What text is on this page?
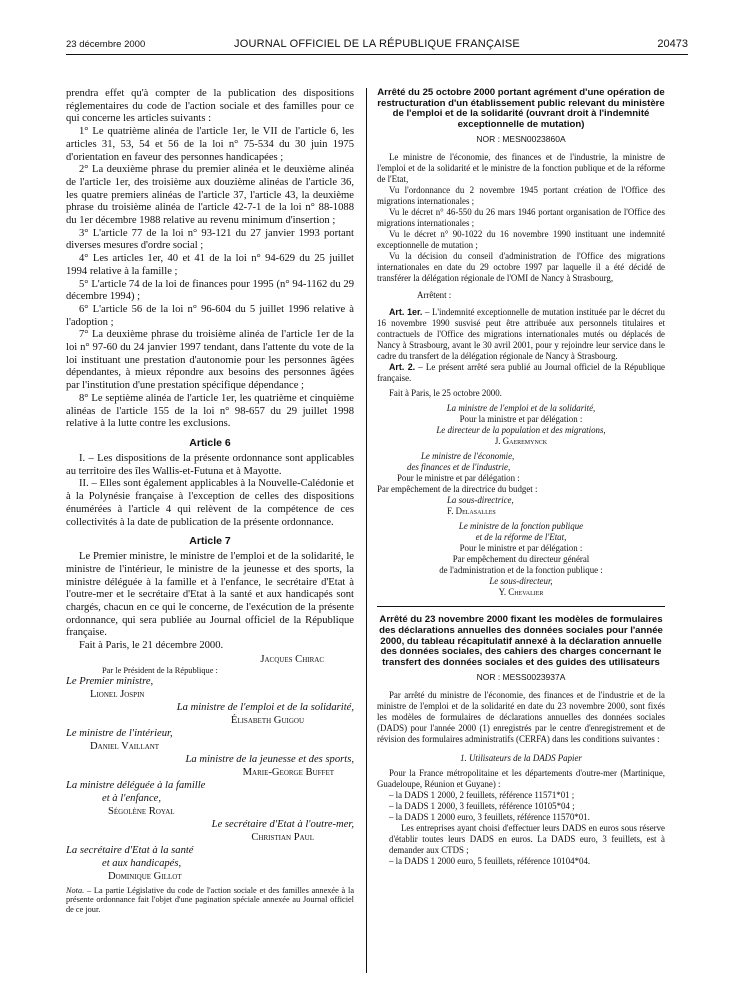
23 décembre 2000	JOURNAL OFFICIEL DE LA RÉPUBLIQUE FRANÇAISE	20473

prendra effet qu'à compter de la publication des dispositions réglementaires du code de l'action sociale et des familles pour ce qui concerne les articles suivants :

1° Le quatrième alinéa de l'article 1er, le VII de l'article 6, les articles 31, 53, 54 et 56 de la loi n° 75-534 du 30 juin 1975 d'orientation en faveur des personnes handicapées ;

2° La deuxième phrase du premier alinéa et le deuxième alinéa de l'article 1er, des troisième aux douzième alinéas de l'article 36, les quatre premiers alinéas de l'article 37, l'article 43, la deuxième phrase du troisième alinéa de l'article 42-7-1 de la loi n° 88-1088 du 1er décembre 1988 relative au revenu minimum d'insertion ;

3° L'article 77 de la loi n° 93-121 du 27 janvier 1993 portant diverses mesures d'ordre social ;

4° Les articles 1er, 40 et 41 de la loi n° 94-629 du 25 juillet 1994 relative à la famille ;

5° L'article 74 de la loi de finances pour 1995 (n° 94-1162 du 29 décembre 1994) ;

6° L'article 56 de la loi n° 96-604 du 5 juillet 1996 relative à l'adoption ;

7° La deuxième phrase du troisième alinéa de l'article 1er de la loi n° 97-60 du 24 janvier 1997 tendant, dans l'attente du vote de la loi instituant une prestation d'autonomie pour les personnes âgées dépendantes, à mieux répondre aux besoins des personnes âgées par l'institution d'une prestation spécifique dépendance ;

8° Le septième alinéa de l'article 1er, les quatrième et cinquième alinéas de l'article 155 de la loi n° 98-657 du 29 juillet 1998 relative à la lutte contre les exclusions.

Article 6

I. – Les dispositions de la présente ordonnance sont applicables au territoire des îles Wallis-et-Futuna et à Mayotte.

II. – Elles sont également applicables à la Nouvelle-Calédonie et à la Polynésie française à l'exception de celles des dispositions énumérées à l'article 4 qui relèvent de la compétence de ces collectivités à la date de publication de la présente ordonnance.

Article 7

Le Premier ministre, le ministre de l'emploi et de la solidarité, le ministre de l'intérieur, le ministre de la jeunesse et des sports, la ministre déléguée à la famille et à l'enfance, le secrétaire d'Etat à l'outre-mer et le secrétaire d'Etat à la santé et aux handicapés sont chargés, chacun en ce qui le concerne, de l'exécution de la présente ordonnance, qui sera publiée au Journal officiel de la République française.

Fait à Paris, le 21 décembre 2000.

Jacques Chirac

Par le Président de la République :

Le Premier ministre,

Lionel Jospin

La ministre de l'emploi et de la solidarité,

Élisabeth Guigou

Le ministre de l'intérieur,

Daniel Vaillant

La ministre de la jeunesse et des sports,

Marie-George Buffet

La ministre déléguée à la famille

et à l'enfance,

Ségolène Royal

Le secrétaire d'Etat à l'outre-mer,

Christian Paul

La secrétaire d'Etat à la santé

et aux handicapés,

Dominique Gillot

Nota. – La partie Législative du code de l'action sociale et des familles annexée à la présente ordonnance fait l'objet d'une pagination spéciale annexée au Journal officiel de ce jour.

Arrêté du 25 octobre 2000 portant agrément d'une opération de restructuration d'un établissement public relevant du ministère de l'emploi et de la solidarité (ouvrant droit à l'indemnité exceptionnelle de mutation)

NOR : MESN0023860A

Le ministre de l'économie, des finances et de l'industrie, la ministre de l'emploi et de la solidarité et le ministre de la fonction publique et de la réforme de l'Etat,

Vu l'ordonnance du 2 novembre 1945 portant création de l'Office des migrations internationales ;

Vu le décret n° 46-550 du 26 mars 1946 portant organisation de l'Office des migrations internationales ;

Vu le décret n° 90-1022 du 16 novembre 1990 instituant une indemnité exceptionnelle de mutation ;

Vu la décision du conseil d'administration de l'Office des migrations internationales en date du 29 octobre 1997 par laquelle il a été décidé de transférer la délégation régionale de l'OMI de Nancy à Strasbourg,

Arrêtent :

Art. 1er. – L'indemnité exceptionnelle de mutation instituée par le décret du 16 novembre 1990 susvisé peut être attribuée aux personnels titulaires et contractuels de l'Office des migrations internationales mutés ou déplacés de Nancy à Strasbourg, avant le 30 avril 2001, pour y rejoindre leur service dans le cadre du transfert de la délégation régionale de Nancy à Strasbourg.

Art. 2. – Le présent arrêté sera publié au Journal officiel de la République française.

Fait à Paris, le 25 octobre 2000.

La ministre de l'emploi et de la solidarité,

Pour la ministre et par délégation :

Le directeur de la population et des migrations,

J. Gaeremynck

Le ministre de l'économie,

des finances et de l'industrie,

Pour le ministre et par délégation :

Par empêchement de la directrice du budget :

La sous-directrice,

F. Delasalles

Le ministre de la fonction publique

et de la réforme de l'Etat,

Pour le ministre et par délégation :

Par empêchement du directeur général

de l'administration et de la fonction publique :

Le sous-directeur,

Y. Chevalier

Arrêté du 23 novembre 2000 fixant les modèles de formulaires des déclarations annuelles des données sociales pour l'année 2000, du tableau récapitulatif annexé à la déclaration annuelle des données sociales, des cahiers des charges concernant le transfert des données sociales et des guides des utilisateurs

NOR : MESS0023937A

Par arrêté du ministre de l'économie, des finances et de l'industrie et de la ministre de l'emploi et de la solidarité en date du 23 novembre 2000, sont fixés les modèles de formulaires de déclarations annuelles des données sociales (DADS) pour l'année 2000 (1) enregistrés par le centre d'enregistrement et de révision des formulaires administratifs (CERFA) dans les conditions suivantes :

1. Utilisateurs de la DADS Papier

Pour la France métropolitaine et les départements d'outre-mer (Martinique, Guadeloupe, Réunion et Guyane) :

– la DADS 1 2000, 2 feuillets, référence 11571*01 ;

– la DADS 1 2000, 3 feuillets, référence 10105*04 ;

– la DADS 1 2000 euro, 3 feuillets, référence 11570*01.

Les entreprises ayant choisi d'effectuer leurs DADS en euros sous réserve d'établir toutes leurs DADS en euros. La DADS euro, 3 feuillets, est à demander aux CTDS ;

– la DADS 1 2000 euro, 5 feuillets, référence 10104*04.
